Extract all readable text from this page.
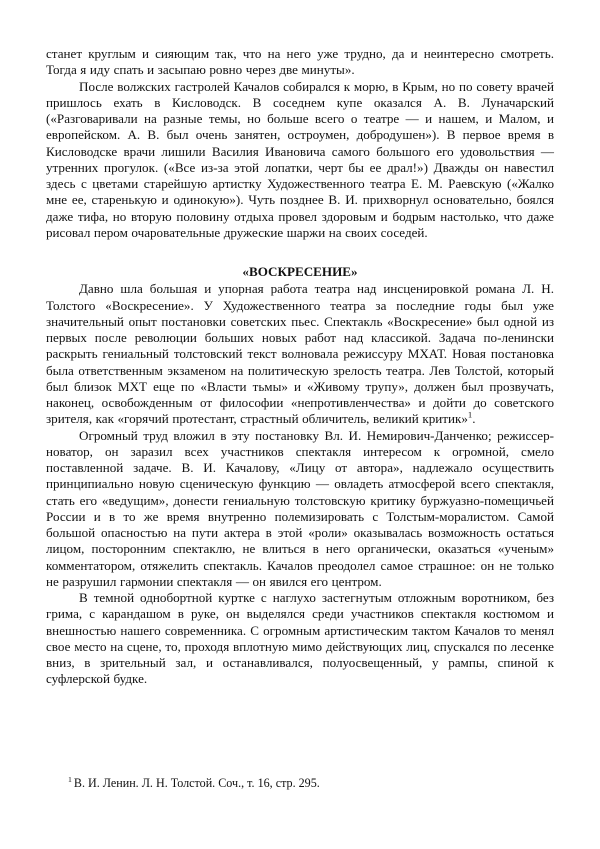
станет круглым и сияющим так, что на него уже трудно, да и неинтересно смотреть. Тогда я иду спать и засыпаю ровно через две минуты».

После волжских гастролей Качалов собирался к морю, в Крым, но по совету врачей пришлось ехать в Кисловодск. В соседнем купе оказался А. В. Луначарский («Разговаривали на разные темы, но больше всего о театре — и нашем, и Малом, и европейском. А. В. был очень занятен, остроумен, добродушен»). В первое время в Кисловодске врачи лишили Василия Ивановича самого большого его удовольствия — утренних прогулок. («Все из-за этой лопатки, черт бы ее драл!») Дважды он навестил здесь с цветами старейшую артистку Художественного театра Е. М. Раевскую («Жалко мне ее, старенькую и одинокую»). Чуть позднее В. И. прихворнул основательно, боялся даже тифа, но вторую половину отдыха провел здоровым и бодрым настолько, что даже рисовал пером очаровательные дружеские шаржи на своих соседей.

«ВОСКРЕСЕНИЕ»

Давно шла большая и упорная работа театра над инсценировкой романа Л. Н. Толстого «Воскресение». У Художественного театра за последние годы был уже значительный опыт постановки советских пьес. Спектакль «Воскресение» был одной из первых после революции больших новых работ над классикой. Задача по-ленински раскрыть гениальный толстовский текст волновала режиссуру МХАТ. Новая постановка была ответственным экзаменом на политическую зрелость театра. Лев Толстой, который был близок МХТ еще по «Власти тьмы» и «Живому трупу», должен был прозвучать, наконец, освобожденным от философии «непротивленчества» и дойти до советского зрителя, как «горячий протестант, страстный обличитель, великий критик»$^1$.

Огромный труд вложил в эту постановку Вл. И. Немирович-Данченко; режиссер-новатор, он заразил всех участников спектакля интересом к огромной, смело поставленной задаче. В. И. Качалову, «Лицу от автора», надлежало осуществить принципиально новую сценическую функцию — овладеть атмосферой всего спектакля, стать его «ведущим», донести гениальную толстовскую критику буржуазно-помещичьей России и в то же время внутренно полемизировать с Толстым-моралистом. Самой большой опасностью на пути актера в этой «роли» оказывалась возможность остаться лицом, посторонним спектаклю, не влиться в него органически, оказаться «ученым» комментатором, отяжелить спектакль. Качалов преодолел самое страшное: он не только не разрушил гармонии спектакля — он явился его центром.

В темной однобортной куртке с наглухо застегнутым отложным воротником, без грима, с карандашом в руке, он выделялся среди участников спектакля костюмом и внешностью нашего современника. С огромным артистическим тактом Качалов то менял свое место на сцене, то, проходя вплотную мимо действующих лиц, спускался по лесенке вниз, в зрительный зал, и останавливался, полуосвещенный, у рампы, спиной к суфлерской будке.

$^1$ В. И. Ленин. Л. Н. Толстой. Соч., т. 16, стр. 295.
